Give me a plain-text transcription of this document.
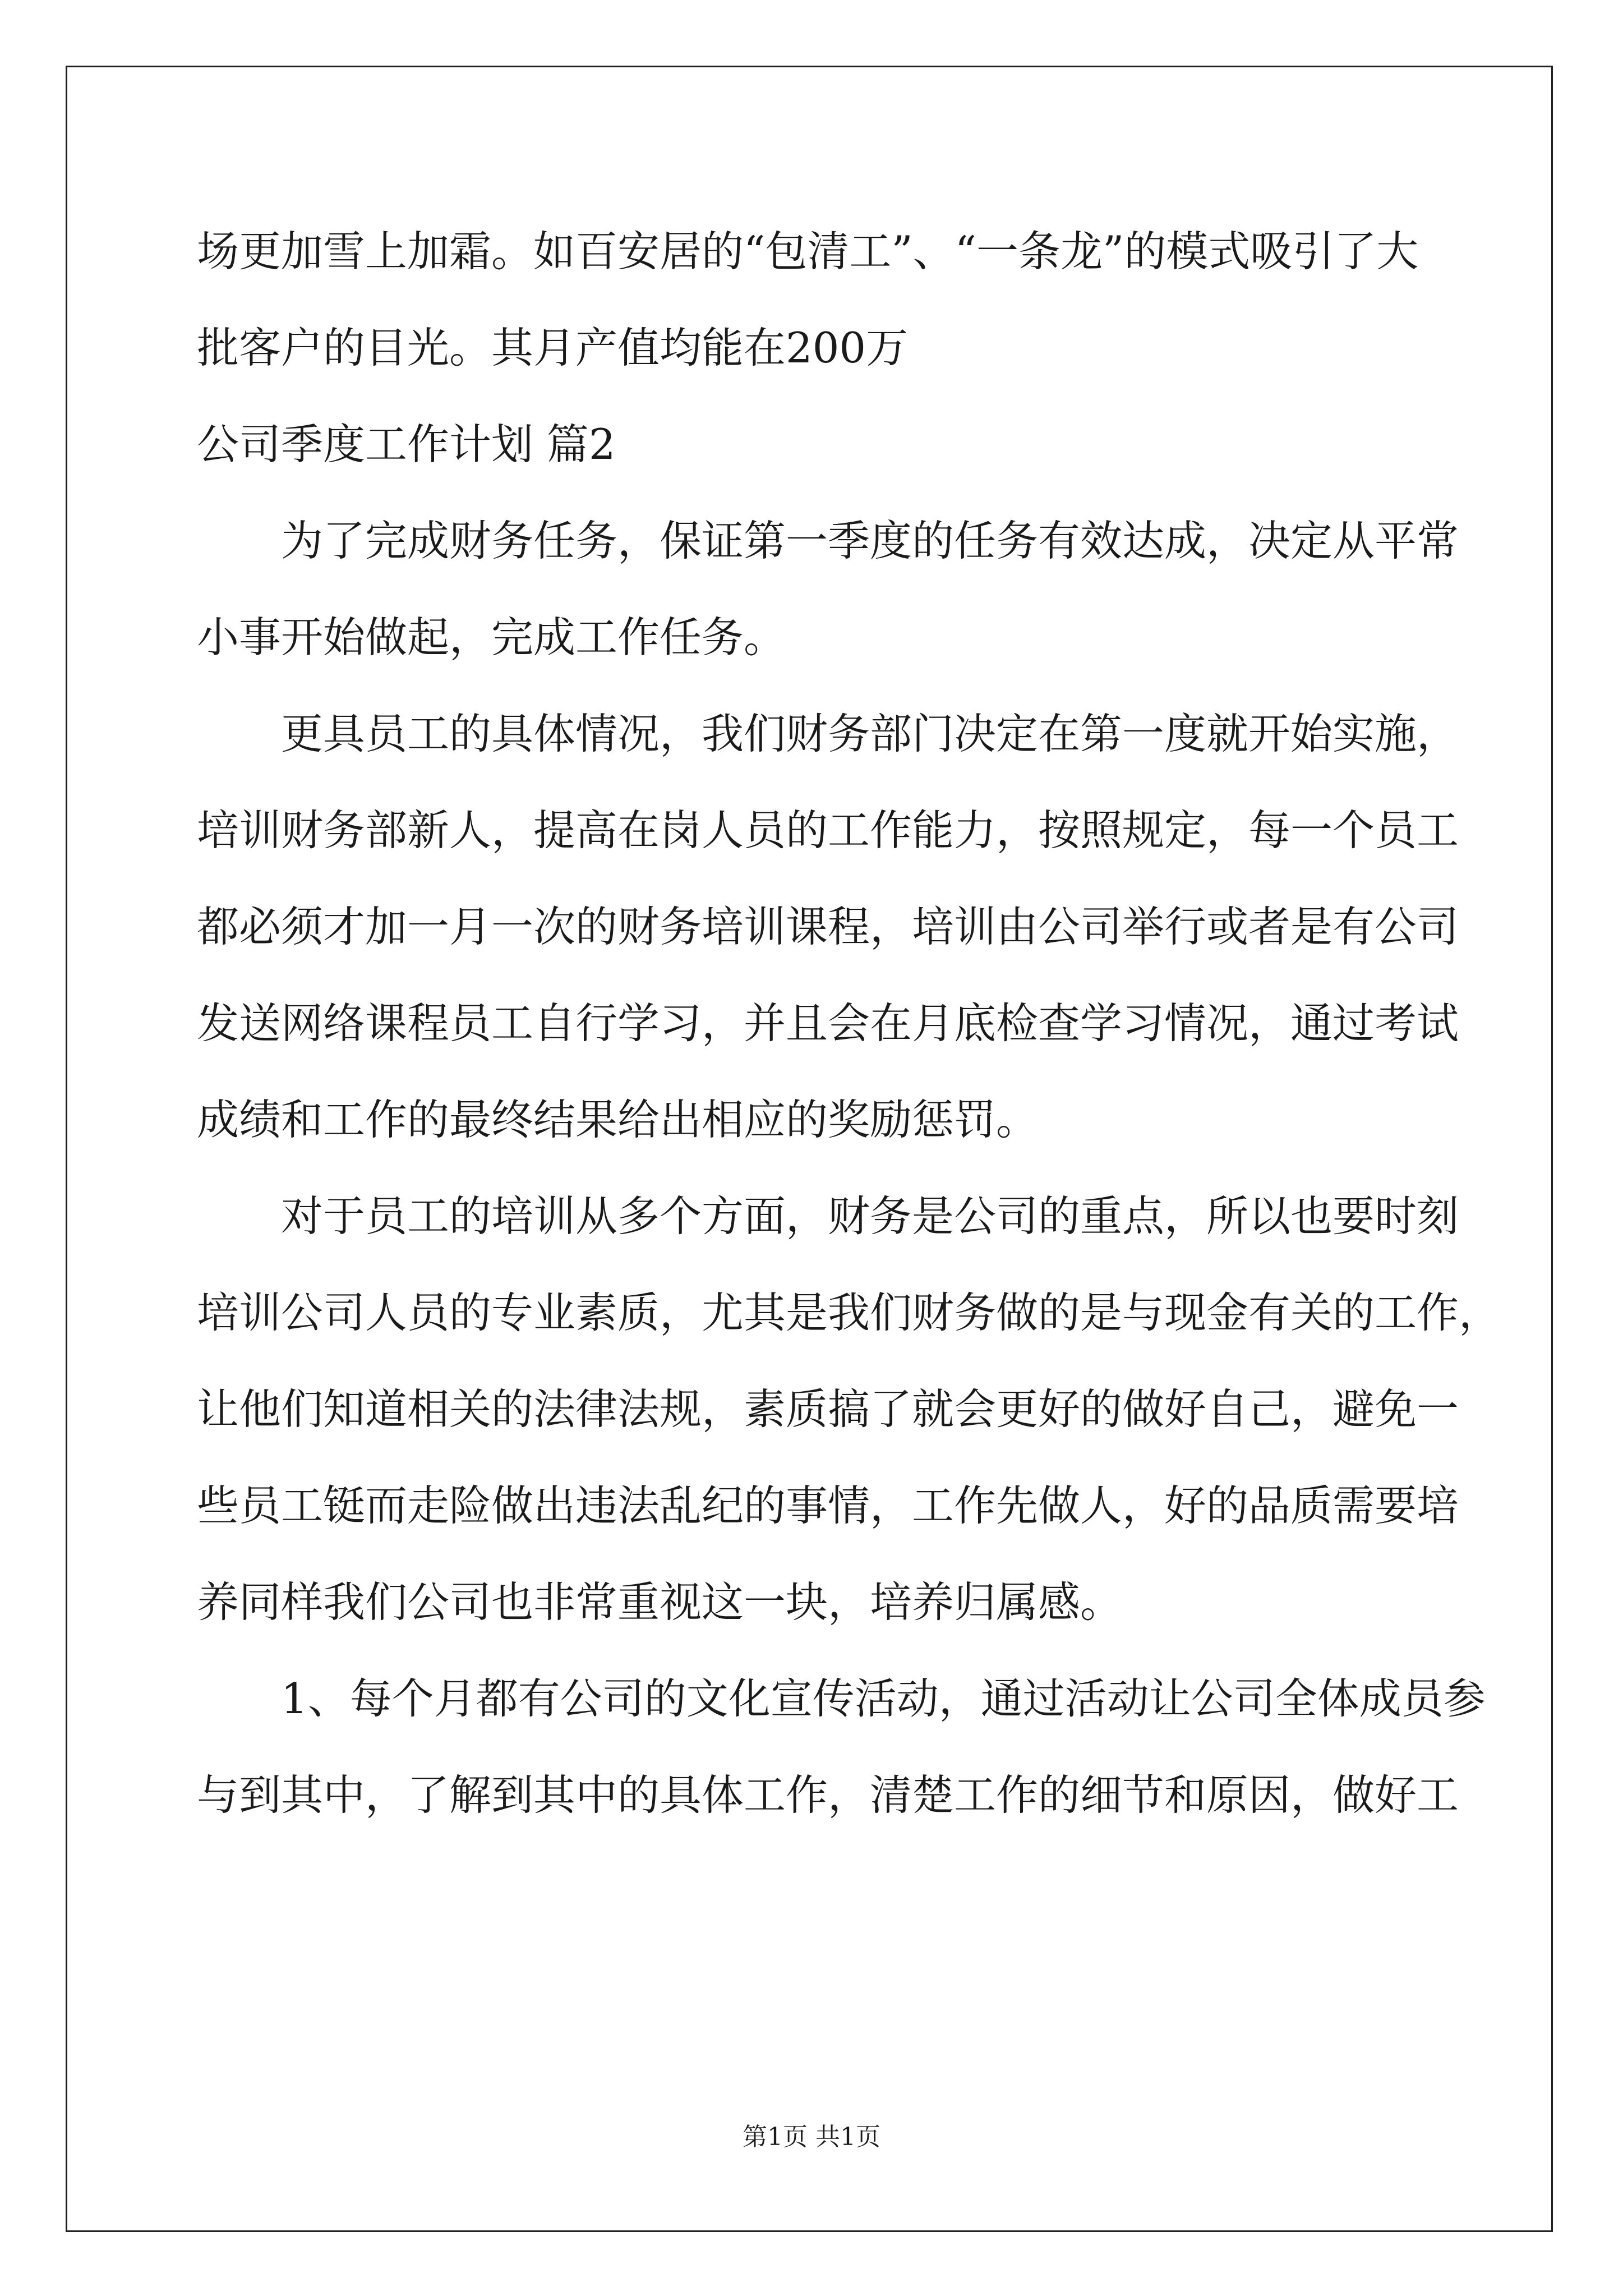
场更加雪上加霜。如百安居的“包清工”、“一条龙”的模式吸引了大
批客户的目光。其月产值均能在200万
公司季度工作计划 篇2
为了完成财务任务，保证第一季度的任务有效达成，决定从平常
小事开始做起，完成工作任务。
更具员工的具体情况，我们财务部门决定在第一度就开始实施，
培训财务部新人，提高在岗人员的工作能力，按照规定，每一个员工
都必须才加一月一次的财务培训课程，培训由公司举行或者是有公司
发送网络课程员工自行学习，并且会在月底检查学习情况，通过考试
成绩和工作的最终结果给出相应的奖励惩罚。
对于员工的培训从多个方面，财务是公司的重点，所以也要时刻
培训公司人员的专业素质，尤其是我们财务做的是与现金有关的工作，
让他们知道相关的法律法规，素质搞了就会更好的做好自己，避免一
些员工铤而走险做出违法乱纪的事情，工作先做人，好的品质需要培
养同样我们公司也非常重视这一块，培养归属感。
1、每个月都有公司的文化宣传活动，通过活动让公司全体成员参
与到其中，了解到其中的具体工作，清楚工作的细节和原因，做好工
第1页 共1页
